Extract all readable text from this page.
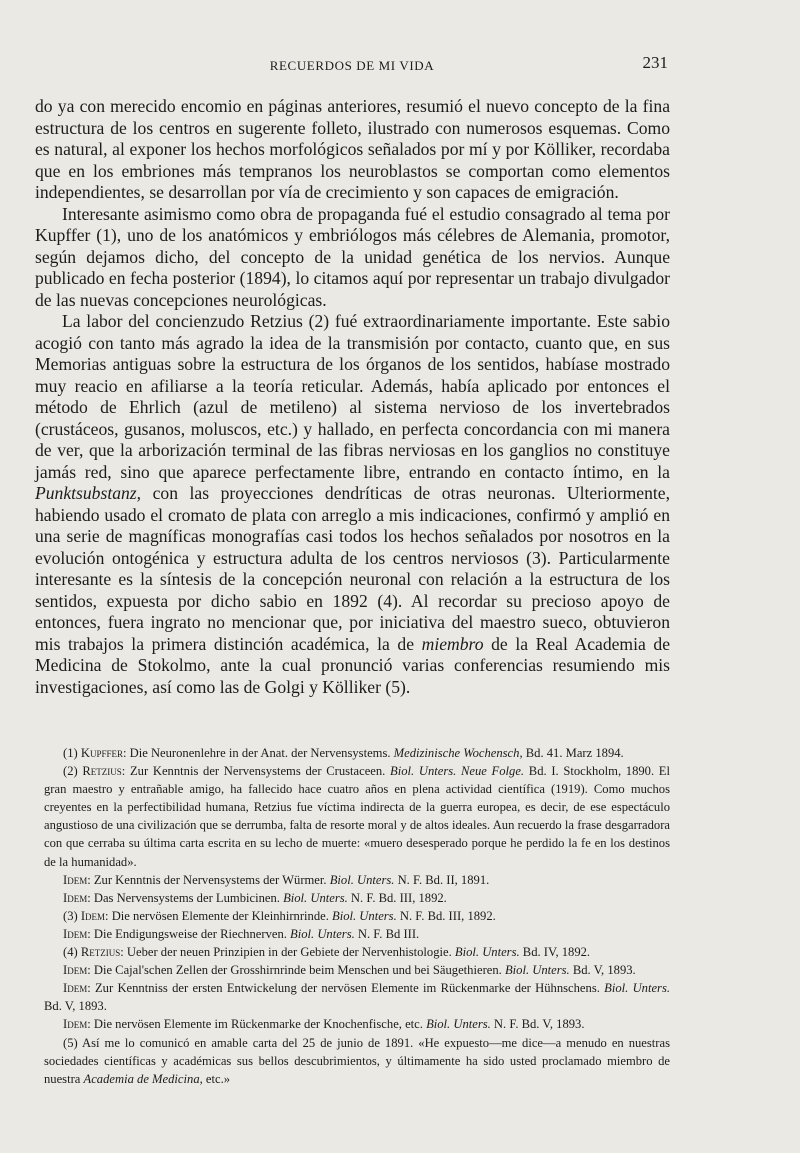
RECUERDOS DE MI VIDA	231

do ya con merecido encomio en páginas anteriores, resumió el nuevo concepto de la fina estructura de los centros en sugerente folleto, ilustrado con numerosos esquemas. Como es natural, al exponer los hechos morfológicos señalados por mí y por Kölliker, recordaba que en los embriones más tempranos los neuroblastos se comportan como elementos independientes, se desarrollan por vía de crecimiento y son capaces de emigración.

Interesante asimismo como obra de propaganda fué el estudio consagrado al tema por Kupffer (1), uno de los anatómicos y embriólogos más célebres de Alemania, promotor, según dejamos dicho, del concepto de la unidad genética de los nervios. Aunque publicado en fecha posterior (1894), lo citamos aquí por representar un trabajo divulgador de las nuevas concepciones neurológicas.

La labor del concienzudo Retzius (2) fué extraordinariamente importante. Este sabio acogió con tanto más agrado la idea de la transmisión por contacto, cuanto que, en sus Memorias antiguas sobre la estructura de los órganos de los sentidos, habíase mostrado muy reacio en afiliarse a la teoría reticular. Además, había aplicado por entonces el método de Ehrlich (azul de metileno) al sistema nervioso de los invertebrados (crustáceos, gusanos, moluscos, etc.) y hallado, en perfecta concordancia con mi manera de ver, que la arborización terminal de las fibras nerviosas en los ganglios no constituye jamás red, sino que aparece perfectamente libre, entrando en contacto íntimo, en la Punktsubstanz, con las proyecciones dendríticas de otras neuronas. Ulteriormente, habiendo usado el cromato de plata con arreglo a mis indicaciones, confirmó y amplió en una serie de magníficas monografías casi todos los hechos señalados por nosotros en la evolución ontogénica y estructura adulta de los centros nerviosos (3). Particularmente interesante es la síntesis de la concepción neuronal con relación a la estructura de los sentidos, expuesta por dicho sabio en 1892 (4). Al recordar su precioso apoyo de entonces, fuera ingrato no mencionar que, por iniciativa del maestro sueco, obtuvieron mis trabajos la primera distinción académica, la de miembro de la Real Academia de Medicina de Stokolmo, ante la cual pronunció varias conferencias resumiendo mis investigaciones, así como las de Golgi y Kölliker (5).

(1) Kupffer: Die Neuronenlehre in der Anat. der Nervensystems. Medizinische Wochensch, Bd. 41. Marz 1894.

(2) Retzius: Zur Kenntnis der Nervensystems der Crustaceen. Biol. Unters. Neue Folge. Bd. I. Stockholm, 1890. El gran maestro y entrañable amigo, ha fallecido hace cuatro años en plena actividad científica (1919). Como muchos creyentes en la perfectibilidad humana, Retzius fue víctima indirecta de la guerra europea, es decir, de ese espectáculo angustioso de una civilización que se derrumba, falta de resorte moral y de altos ideales. Aun recuerdo la frase desgarradora con que cerraba su última carta escrita en su lecho de muerte: «muero desesperado porque he perdido la fe en los destinos de la humanidad».

Idem: Zur Kenntnis der Nervensystems der Würmer. Biol. Unters. N. F. Bd. II, 1891.

Idem: Das Nervensystems der Lumbicinen. Biol. Unters. N. F. Bd. III, 1892.

(3) Idem: Die nervösen Elemente der Kleinhirnrinde. Biol. Unters. N. F. Bd. III, 1892.

Idem: Die Endigungsweise der Riechnerven. Biol. Unters. N. F. Bd III.

(4) Retzius: Ueber der neuen Prinzipien in der Gebiete der Nervenhistologie. Biol. Unters. Bd. IV, 1892.

Idem: Die Cajal'schen Zellen der Grosshirnrinde beim Menschen und bei Säugethieren. Biol. Unters. Bd. V, 1893.

Idem: Zur Kenntniss der ersten Entwickelung der nervösen Elemente im Rückenmarke der Hühnschens. Biol. Unters. Bd. V, 1893.

Idem: Die nervösen Elemente im Rückenmarke der Knochenfische, etc. Biol. Unters. N. F. Bd. V, 1893.

(5) Así me lo comunicó en amable carta del 25 de junio de 1891. «He expuesto—me dice—a menudo en nuestras sociedades científicas y académicas sus bellos descubrimientos, y últimamente ha sido usted proclamado miembro de nuestra Academia de Medicina, etc.»
